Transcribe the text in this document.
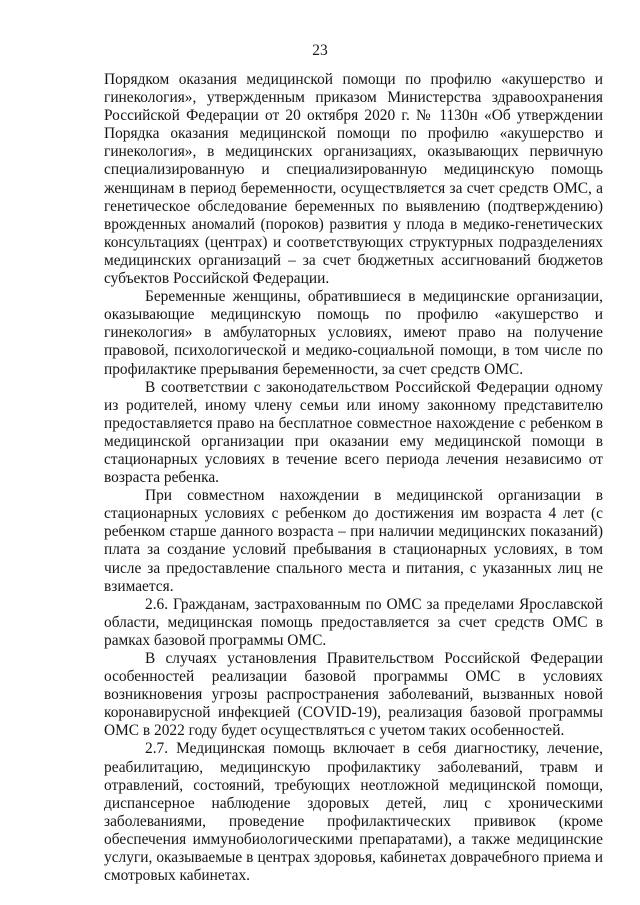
23

Порядком оказания медицинской помощи по профилю «акушерство и гинекология», утвержденным приказом Министерства здравоохранения Российской Федерации от 20 октября 2020 г. № 1130н «Об утверждении Порядка оказания медицинской помощи по профилю «акушерство и гинекология», в медицинских организациях, оказывающих первичную специализированную и специализированную медицинскую помощь женщинам в период беременности, осуществляется за счет средств ОМС, а генетическое обследование беременных по выявлению (подтверждению) врожденных аномалий (пороков) развития у плода в медико-генетических консультациях (центрах) и соответствующих структурных подразделениях медицинских организаций – за счет бюджетных ассигнований бюджетов субъектов Российской Федерации.

Беременные женщины, обратившиеся в медицинские организации, оказывающие медицинскую помощь по профилю «акушерство и гинекология» в амбулаторных условиях, имеют право на получение правовой, психологической и медико-социальной помощи, в том числе по профилактике прерывания беременности, за счет средств ОМС.

В соответствии с законодательством Российской Федерации одному из родителей, иному члену семьи или иному законному представителю предоставляется право на бесплатное совместное нахождение с ребенком в медицинской организации при оказании ему медицинской помощи в стационарных условиях в течение всего периода лечения независимо от возраста ребенка.

При совместном нахождении в медицинской организации в стационарных условиях с ребенком до достижения им возраста 4 лет (с ребенком старше данного возраста – при наличии медицинских показаний) плата за создание условий пребывания в стационарных условиях, в том числе за предоставление спального места и питания, с указанных лиц не взимается.

2.6. Гражданам, застрахованным по ОМС за пределами Ярославской области, медицинская помощь предоставляется за счет средств ОМС в рамках базовой программы ОМС.

В случаях установления Правительством Российской Федерации особенностей реализации базовой программы ОМС в условиях возникновения угрозы распространения заболеваний, вызванных новой коронавирусной инфекцией (COVID-19), реализация базовой программы ОМС в 2022 году будет осуществляться с учетом таких особенностей.

2.7. Медицинская помощь включает в себя диагностику, лечение, реабилитацию, медицинскую профилактику заболеваний, травм и отравлений, состояний, требующих неотложной медицинской помощи, диспансерное наблюдение здоровых детей, лиц с хроническими заболеваниями, проведение профилактических прививок (кроме обеспечения иммунобиологическими препаратами), а также медицинские услуги, оказываемые в центрах здоровья, кабинетах доврачебного приема и смотровых кабинетах.
